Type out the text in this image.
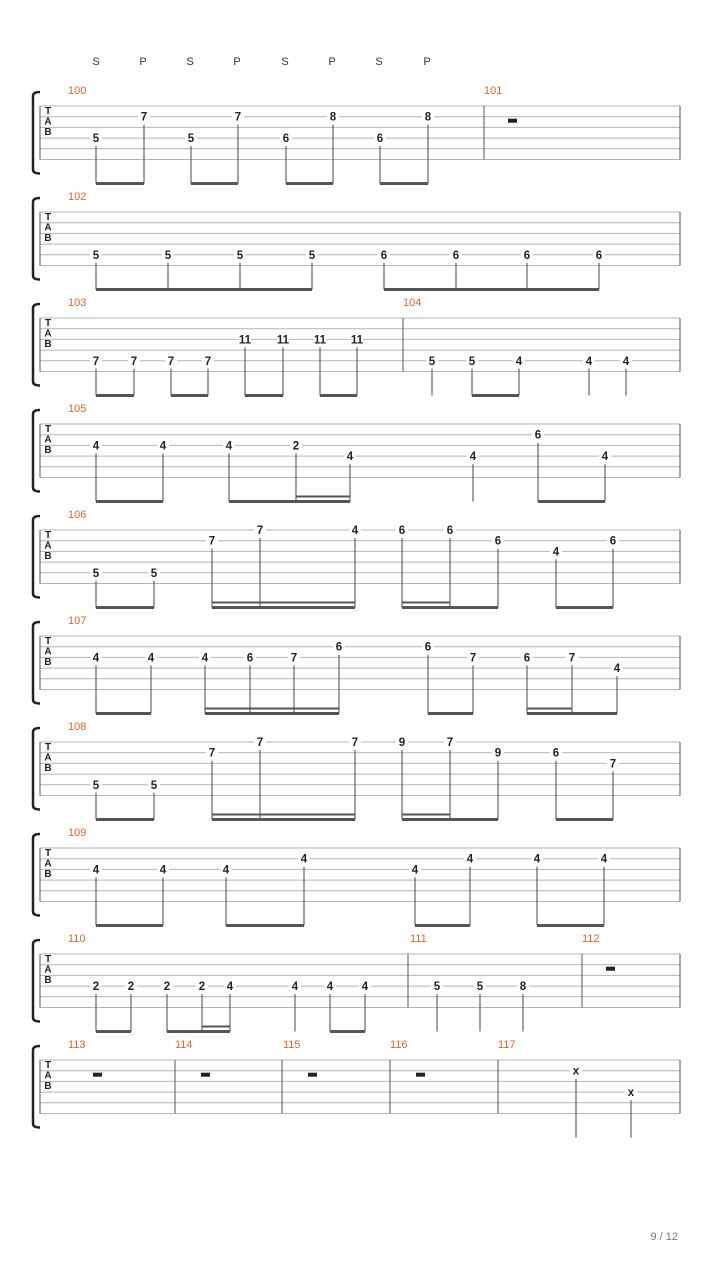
S	P	S	P	S	P	S	P
T
A
B
100
5
7
5
7
6
8
6
8
101
T
A
B
102
5	5	5	5	6	6	6	6
T
A
B
103
7	7	7	7
11 11 11 11
104
5	5	4	4	4
T
A
B
105
4	4	4	2
4	4
6
4
T
A
B
106
5	5
7
7	4	6	6
6
4
6
T
A
B
107
4	4	4	6	7
6	6
7	6	7
4
T
A
B
108
5	5
7
7	7	9	7
9	6
7
T
A
B
109
4	4	4
4
4
4	4	4
T
A
B
110
2 2	2 2 4	4 4 4
111
5	5	8
112
T
A
B
113	114	115	116	117
x
x
9 / 12
